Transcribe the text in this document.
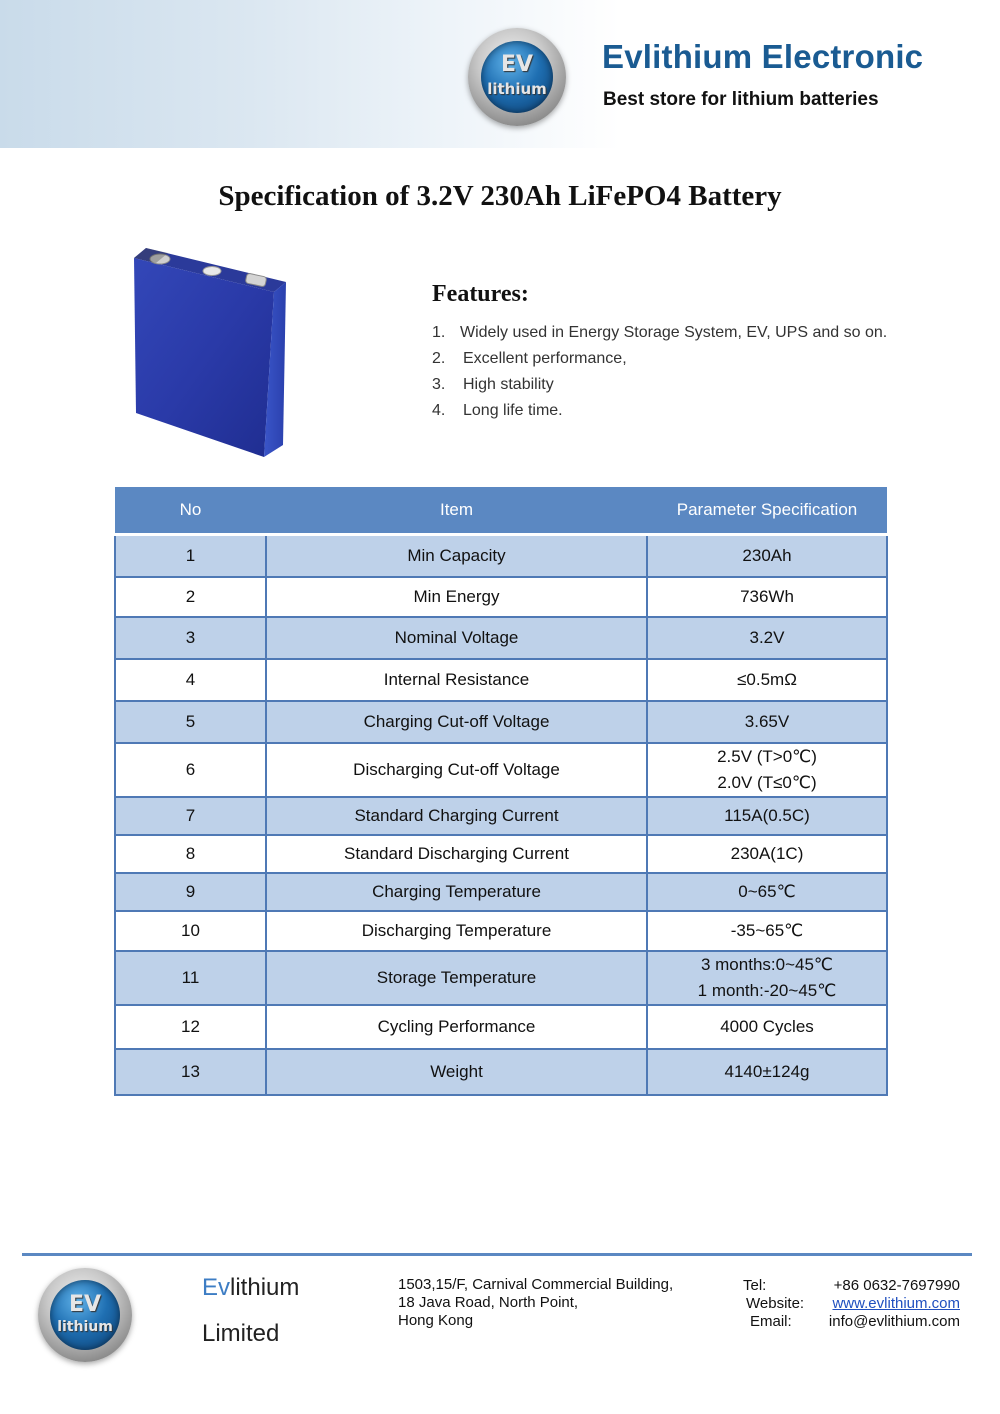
EV
lithium
Evlithium Electronic
Best store for lithium batteries
Specification of 3.2V 230Ah LiFePO4 Battery
Features:
1. Widely used in Energy Storage System, EV, UPS and so on.
2. Excellent performance,
3. High stability
4. Long life time.
No	Item	Parameter Specification
1	Min Capacity	230Ah

2	Min Energy	736Wh

3	Nominal Voltage	3.2V

4	Internal Resistance	≤0.5mΩ

5	Charging Cut-off Voltage	3.65V

6	Discharging Cut-off Voltage	2.5V (T>0℃)
2.0V (T≤0℃)

7	Standard Charging Current	115A(0.5C)

8	Standard Discharging Current	230A(1C)

9	Charging Temperature	0~65℃

10	Discharging Temperature	-35~65℃

11	Storage Temperature	3 months:0~45℃
1 month:-20~45℃

12	Cycling Performance	4000 Cycles

13	Weight	4140±124g
EV
lithium
Evlithium
Limited
1503,15/F, Carnival Commercial Building,
18 Java Road, North Point,
Hong Kong
Tel:	+86 0632-7697990
Website: www.evlithium.com
Email: info@evlithium.com
